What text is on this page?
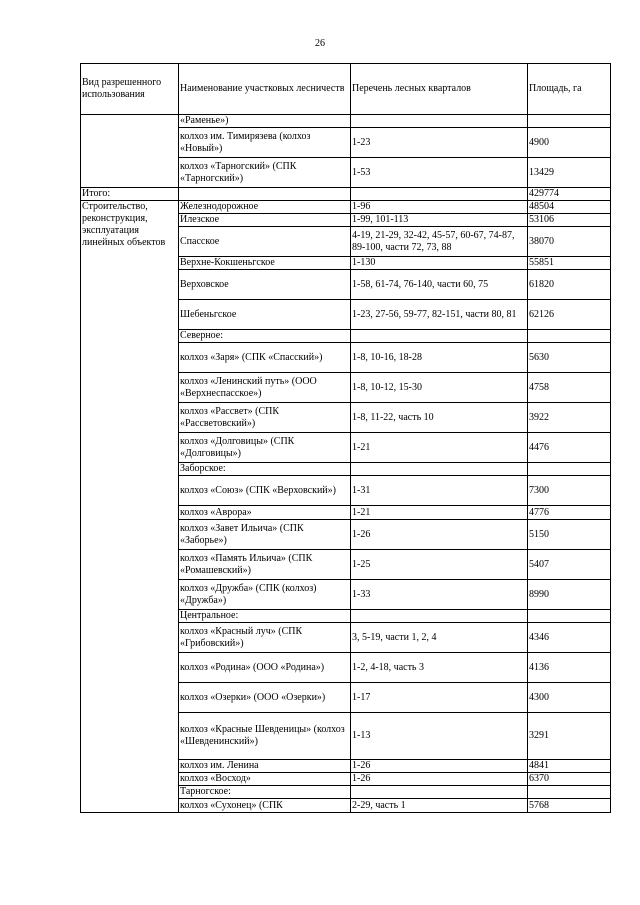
26
Вид разрешенного использования	Наименование участковых лесничеств	Перечень лесных кварталов	Площадь, га
	«Раменье»)		
	колхоз им. Тимирязева (колхоз «Новый»)	1-23	4900
	колхоз «Тарногский» (СПК «Тарногский»)	1-53	13429
Итого:			429774
Строительство, реконструкция, эксплуатация линейных объектов	Железнодорожное	1-96	48504
	Илезское	1-99, 101-113	53106
	Спасское	4-19, 21-29, 32-42, 45-57, 60-67, 74-87, 89-100, части 72, 73, 88	38070
	Верхне-Кокшеньгское	1-130	55851
	Верховское	1-58, 61-74, 76-140, части 60, 75	61820
	Шебеньгское	1-23, 27-56, 59-77, 82-151, части 80, 81	62126
	Северное:		
	колхоз «Заря» (СПК «Спасский»)	1-8, 10-16, 18-28	5630
	колхоз «Ленинский путь» (ООО «Верхнеспасское»)	1-8, 10-12, 15-30	4758
	колхоз «Рассвет» (СПК «Рассветовский»)	1-8, 11-22, часть 10	3922
	колхоз «Долговицы» (СПК «Долговицы»)	1-21	4476
	Заборское:		
	колхоз «Союз» (СПК «Верховский»)	1-31	7300
	колхоз «Аврора»	1-21	4776
	колхоз «Завет Ильича» (СПК «Заборье»)	1-26	5150
	колхоз «Память Ильича» (СПК «Ромашевский»)	1-25	5407
	колхоз «Дружба» (СПК (колхоз) «Дружба»)	1-33	8990
	Центральное:		
	колхоз «Красный луч» (СПК «Грибовский»)	3, 5-19, части 1, 2, 4	4346
	колхоз «Родина» (ООО «Родина»)	1-2, 4-18, часть 3	4136
	колхоз «Озерки» (ООО «Озерки»)	1-17	4300
	колхоз «Красные Шевденицы» (колхоз «Шевденинский»)	1-13	3291
	колхоз им. Ленина	1-26	4841
	колхоз «Восход»	1-26	6370
	Тарногское:		
	колхоз «Сухонец» (СПК	2-29, часть 1	5768
